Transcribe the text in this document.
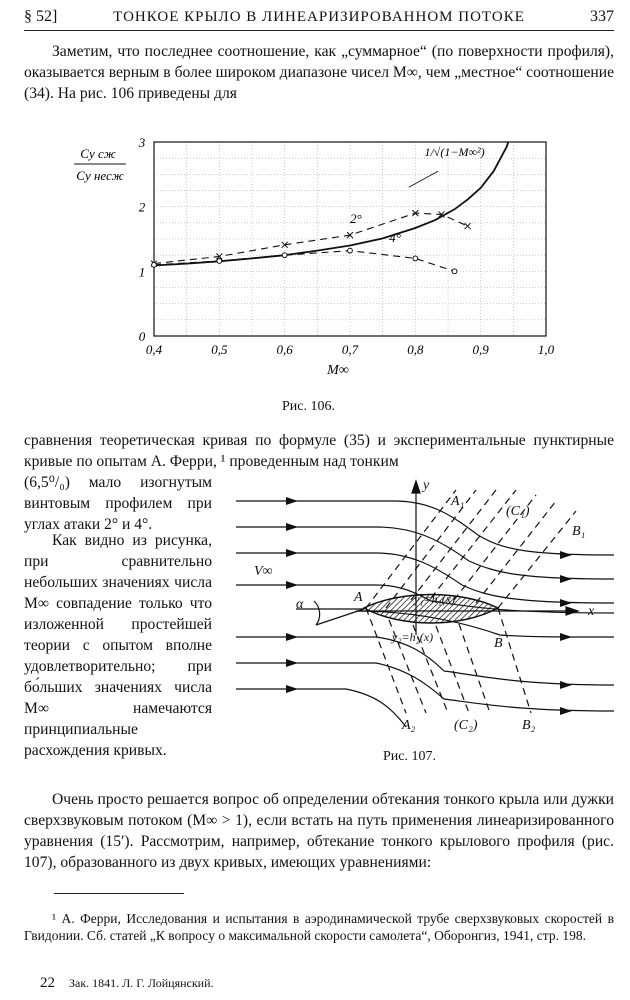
§ 52]	ТОНКОЕ КРЫЛО В ЛИНЕАРИЗИРОВАННОМ ПОТОКЕ	337

Заметим, что последнее соотношение, как „суммарное“ (по поверхности профиля), оказывается верным в более широком диапазоне чисел M∞, чем „местное“ соотношение (34). На рис. 106 приведены для

0,4	0,5	0,6	0,7	0,8	0,9	1,0
0
1
2
3
M∞
Cy сж
Cy несж
1/√(1−M∞²)
2°
4°
Рис. 106.

сравнения теоретическая кривая по формуле (35) и экспериментальные пунктирные кривые по опытам А. Ферри, ¹ проведенным над тонким

(6,5⁰/₀) мало изогнутым винтовым профилем при углах атаки 2° и 4°.

Как видно из рисунка, при сравнительно небольших значениях числа M∞ совпадение только что изложенной простейшей теории с опытом вполне удовлетворительно; при бо́льших значениях числа M∞ намечаются принципиальные расхождения кривых.

y
x
A₁
(C₁)
B₁
V∞
α	A
B
y₁=h₁(x)
y₂=h₂(x)
A₂	(C₂)	B₂
Рис. 107.

Очень просто решается вопрос об определении обтекания тонкого крыла или дужки сверхзвуковым потоком (M∞ > 1), если встать на путь применения линеаризированного уравнения (15′). Рассмотрим, например, обтекание тонкого крылового профиля (рис. 107), образованного из двух кривых, имеющих уравнениями:

¹ А. Ферри, Исследования и испытания в аэродинамической трубе сверхзвуковых скоростей в Гвидонии. Сб. статей „К вопросу о максимальной скорости самолета“, Оборонгиз, 1941, стр. 198.
22 Зак. 1841. Л. Г. Лойцянский.
